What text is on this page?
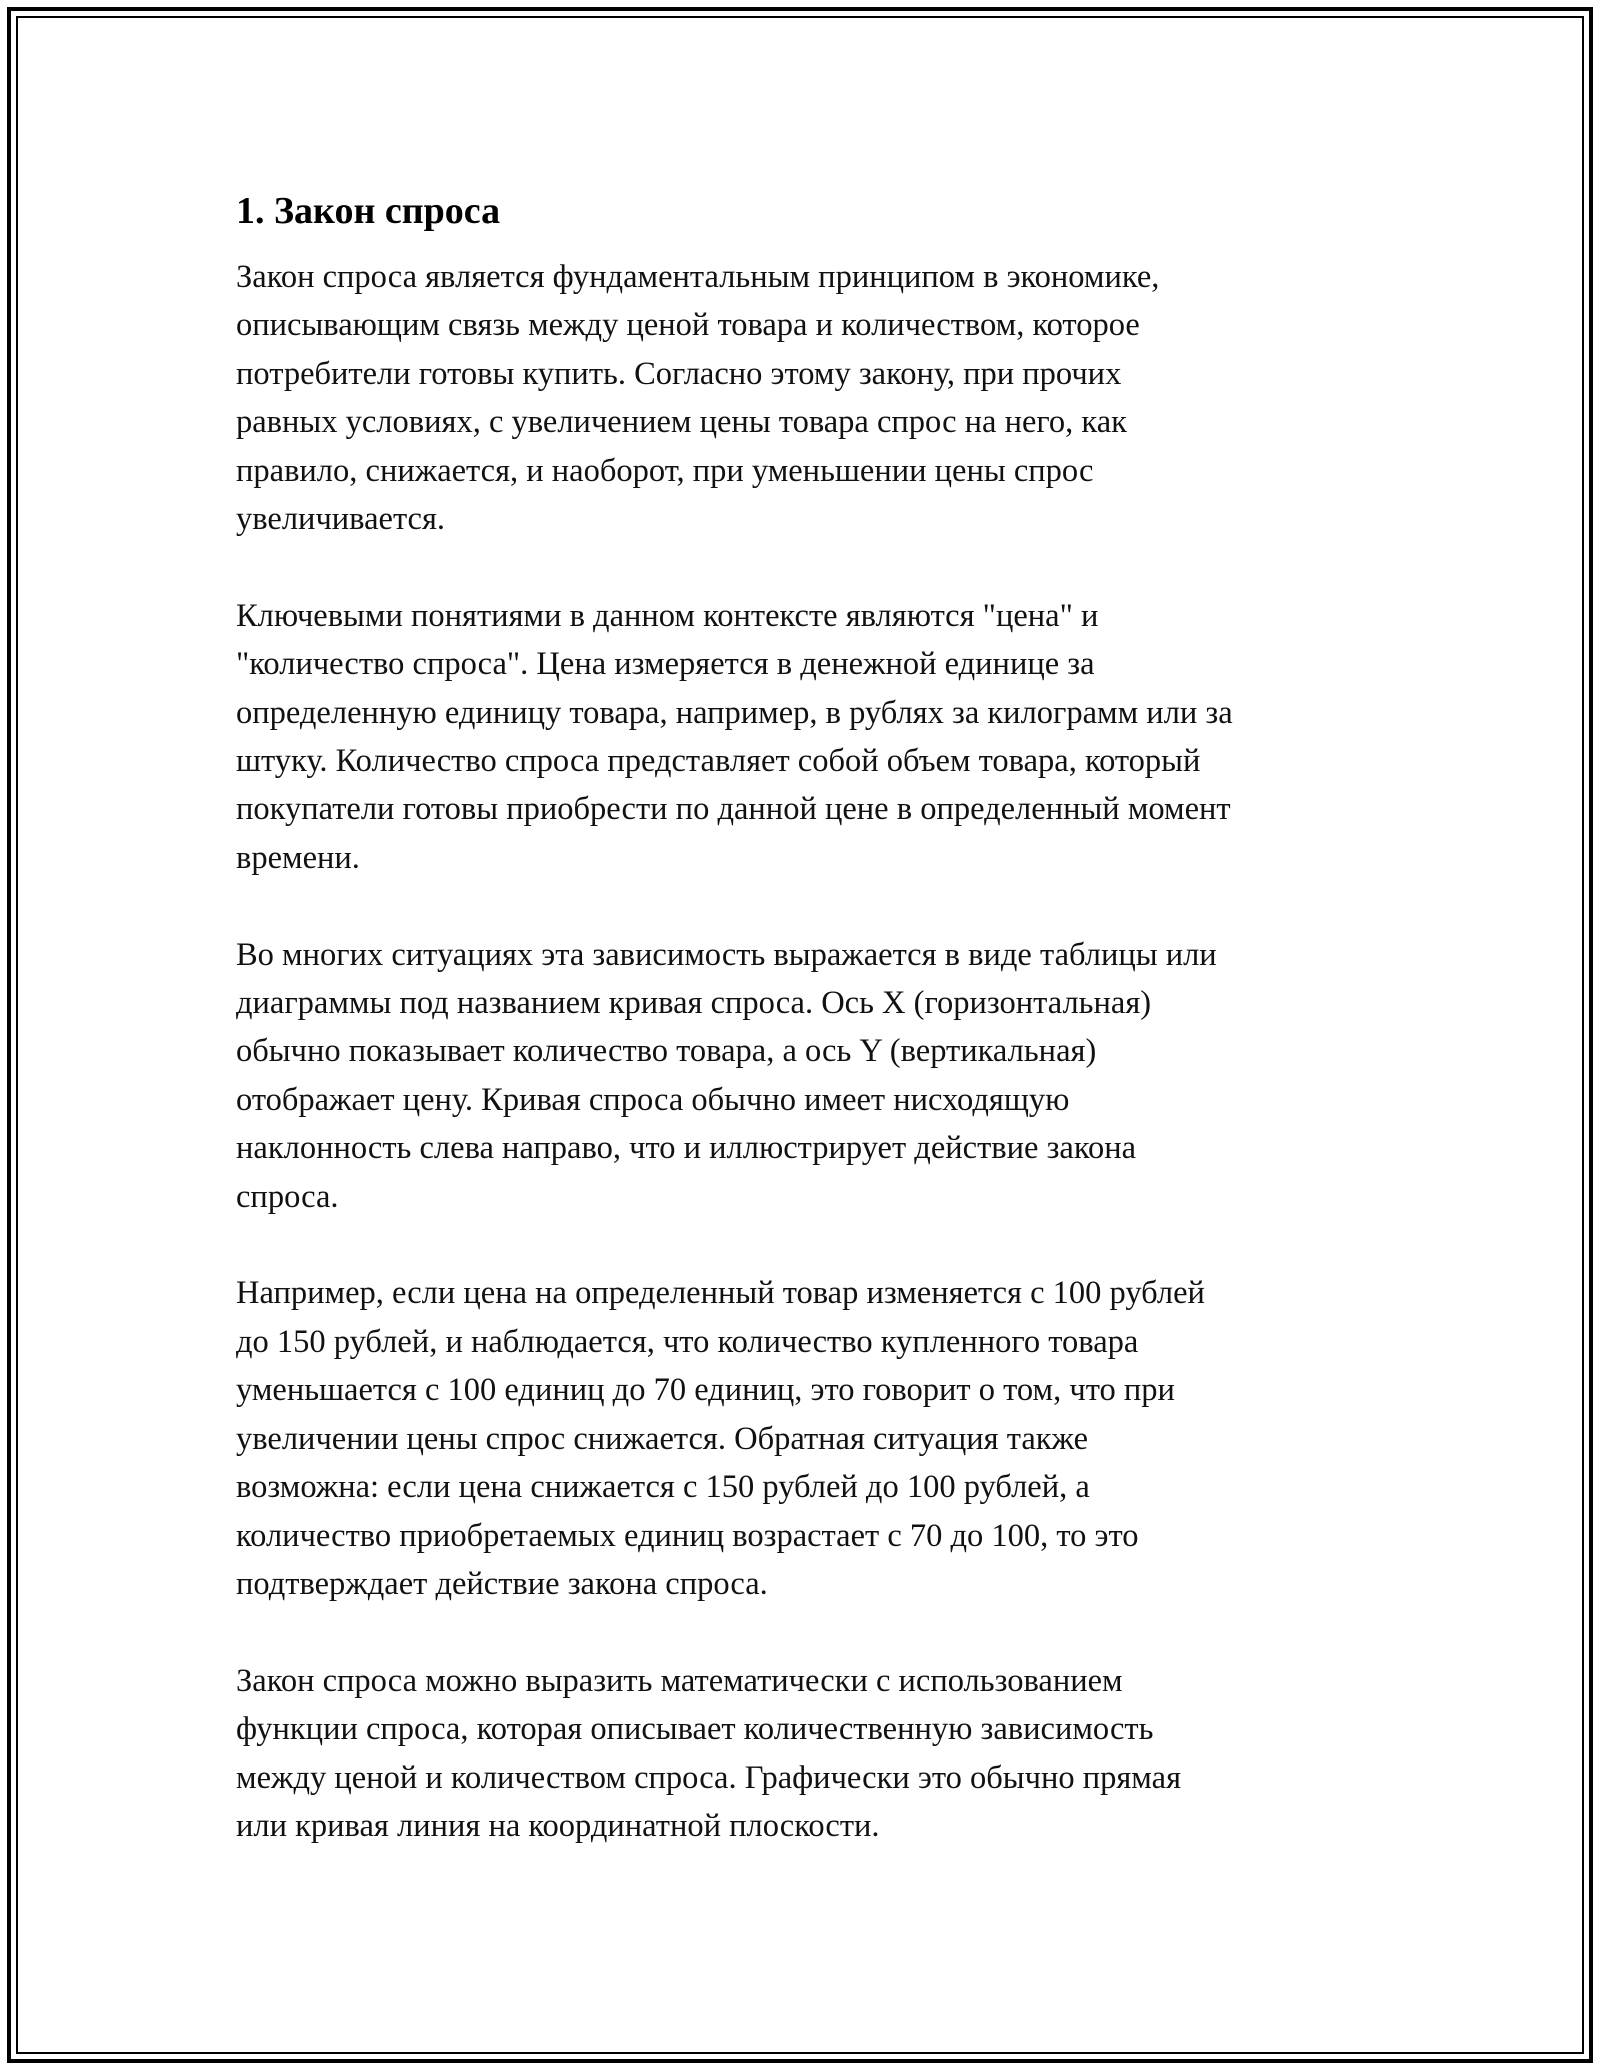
1. Закон спроса

Закон спроса является фундаментальным принципом в экономике,
описывающим связь между ценой товара и количеством, которое
потребители готовы купить. Согласно этому закону, при прочих
равных условиях, с увеличением цены товара спрос на него, как
правило, снижается, и наоборот, при уменьшении цены спрос
увеличивается.

Ключевыми понятиями в данном контексте являются "цена" и
"количество спроса". Цена измеряется в денежной единице за
определенную единицу товара, например, в рублях за килограмм или за
штуку. Количество спроса представляет собой объем товара, который
покупатели готовы приобрести по данной цене в определенный момент
времени.

Во многих ситуациях эта зависимость выражается в виде таблицы или
диаграммы под названием кривая спроса. Ось X (горизонтальная)
обычно показывает количество товара, а ось Y (вертикальная)
отображает цену. Кривая спроса обычно имеет нисходящую
наклонность слева направо, что и иллюстрирует действие закона
спроса.

Например, если цена на определенный товар изменяется с 100 рублей
до 150 рублей, и наблюдается, что количество купленного товара
уменьшается с 100 единиц до 70 единиц, это говорит о том, что при
увеличении цены спрос снижается. Обратная ситуация также
возможна: если цена снижается с 150 рублей до 100 рублей, а
количество приобретаемых единиц возрастает с 70 до 100, то это
подтверждает действие закона спроса.

Закон спроса можно выразить математически с использованием
функции спроса, которая описывает количественную зависимость
между ценой и количеством спроса. Графически это обычно прямая
или кривая линия на координатной плоскости.
